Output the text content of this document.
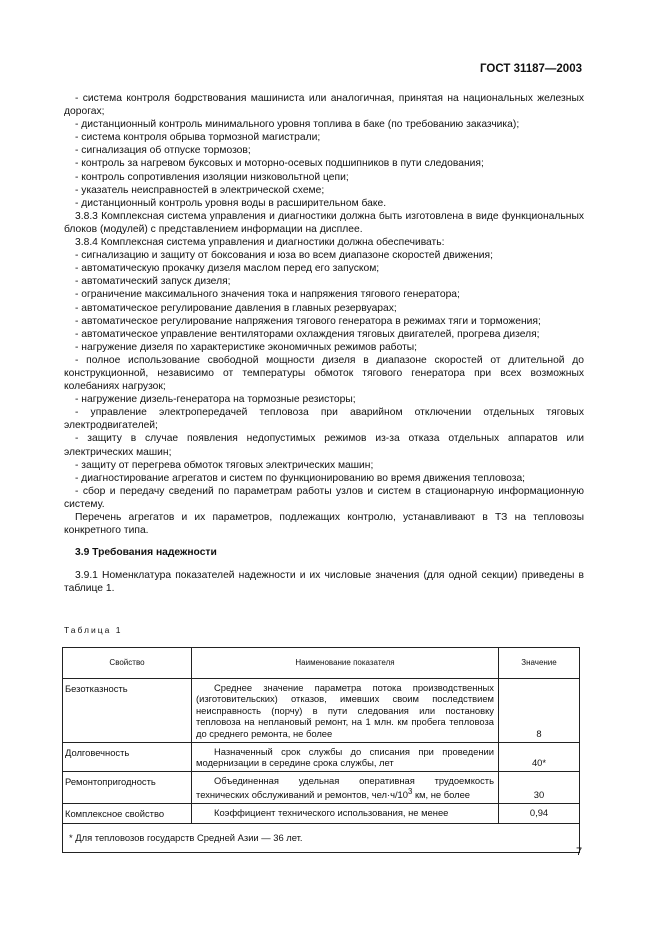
ГОСТ 31187—2003

- система контроля бодрствования машиниста или аналогичная, принятая на национальных железных дорогах;

- дистанционный контроль минимального уровня топлива в баке (по требованию заказчика);

- система контроля обрыва тормозной магистрали;

- сигнализация об отпуске тормозов;

- контроль за нагревом буксовых и моторно-осевых подшипников в пути следования;

- контроль сопротивления изоляции низковольтной цепи;

- указатель неисправностей в электрической схеме;

- дистанционный контроль уровня воды в расширительном баке.

3.8.3 Комплексная система управления и диагностики должна быть изготовлена в виде функциональных блоков (модулей) с представлением информации на дисплее.

3.8.4 Комплексная система управления и диагностики должна обеспечивать:

- сигнализацию и защиту от боксования и юза во всем диапазоне скоростей движения;

- автоматическую прокачку дизеля маслом перед его запуском;

- автоматический запуск дизеля;

- ограничение максимального значения тока и напряжения тягового генератора;

- автоматическое регулирование давления в главных резервуарах;

- автоматическое регулирование напряжения тягового генератора в режимах тяги и торможения;

- автоматическое управление вентиляторами охлаждения тяговых двигателей, прогрева дизеля;

- нагружение дизеля по характеристике экономичных режимов работы;

- полное использование свободной мощности дизеля в диапазоне скоростей от длительной до конструкционной, независимо от температуры обмоток тягового генератора при всех возможных колебаниях нагрузок;

- нагружение дизель-генератора на тормозные резисторы;

- управление электропередачей тепловоза при аварийном отключении отдельных тяговых электродвигателей;

- защиту в случае появления недопустимых режимов из-за отказа отдельных аппаратов или электрических машин;

- защиту от перегрева обмоток тяговых электрических машин;

- диагностирование агрегатов и систем по функционированию во время движения тепловоза;

- сбор и передачу сведений по параметрам работы узлов и систем в стационарную информационную систему.

Перечень агрегатов и их параметров, подлежащих контролю, устанавливают в ТЗ на тепловозы конкретного типа.

3.9 Требования надежности

3.9.1 Номенклатура показателей надежности и их числовые значения (для одной секции) приведены в таблице 1.

Таблица 1

Свойство	Наименование показателя	Значение
Безотказность	Среднее значение параметра потока производственных (изготовительских) отказов, имевших своим последствием неисправность (порчу) в пути следования или постановку тепловоза на неплановый ремонт, на 1 млн. км пробега тепловоза до среднего ремонта, не более	8
Долговечность	Назначенный срок службы до списания при проведении модернизации в середине срока службы, лет	40*
Ремонтопригодность	Объединенная удельная оперативная трудоемкость технических обслуживаний и ремонтов, $чел\cdot ч/10^3$ км, не более	30
Комплексное свойство	Коэффициент технического использования, не менее	0,94
* Для тепловозов государств Средней Азии — 36 лет.		
7
